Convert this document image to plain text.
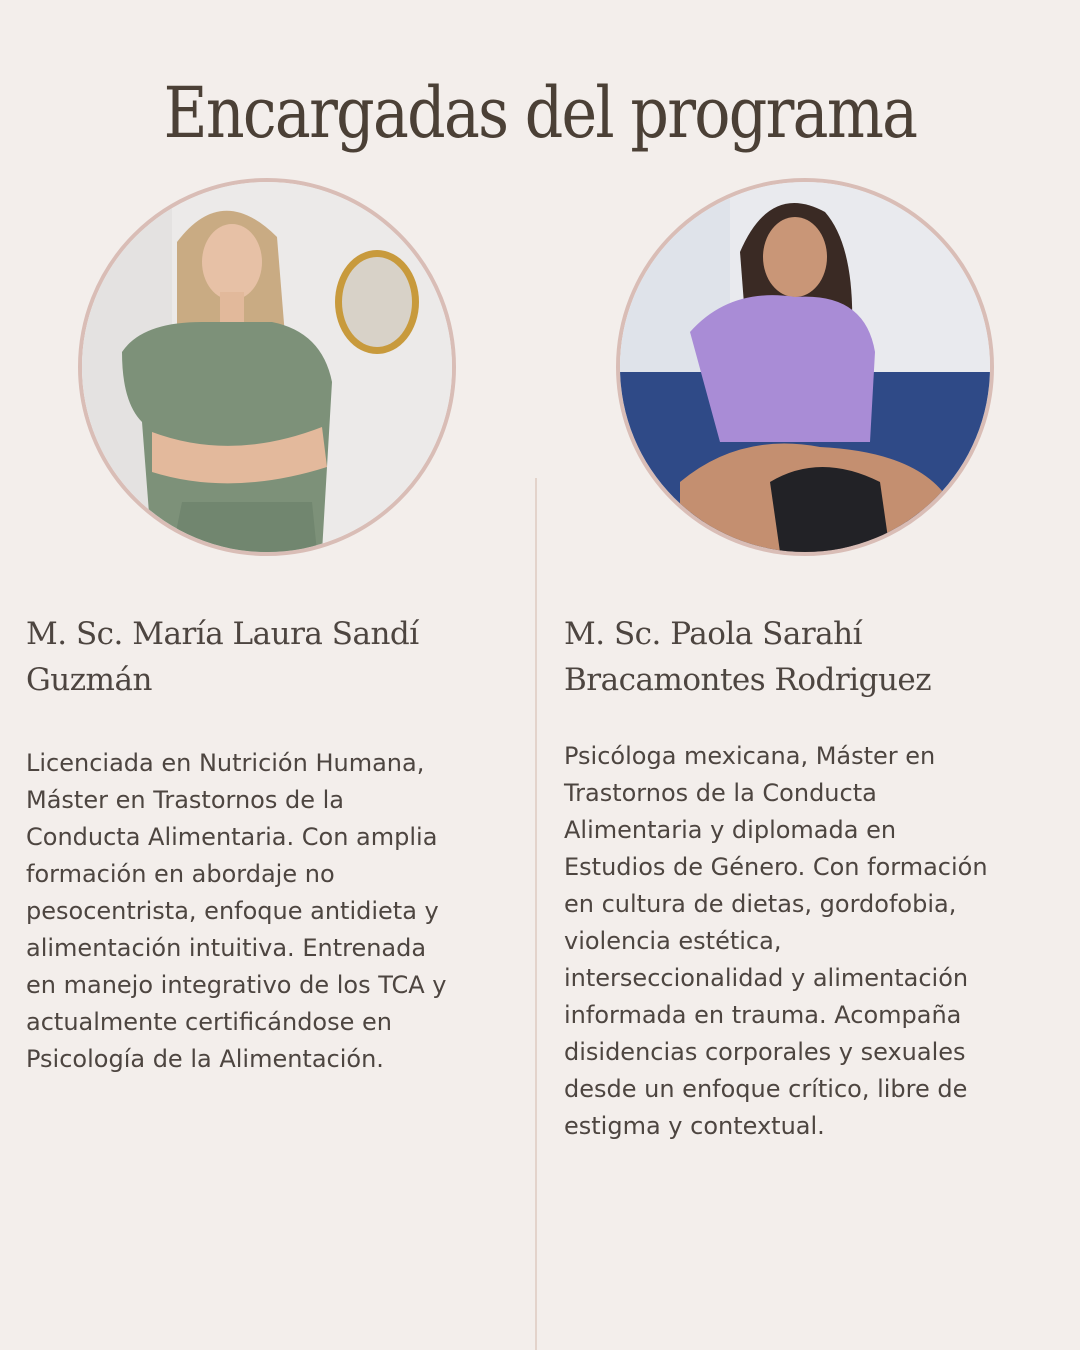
Encargadas del programa
M. Sc. María Laura Sandí
Guzmán
M. Sc. Paola Sarahí
Bracamontes Rodriguez

Licenciada en Nutrición Humana,
Máster en Trastornos de la
Conducta Alimentaria. Con amplia
formación en abordaje no
pesocentrista, enfoque antidieta y
alimentación intuitiva. Entrenada
en manejo integrativo de los TCA y
actualmente certificándose en
Psicología de la Alimentación.

Psicóloga mexicana, Máster en
Trastornos de la Conducta
Alimentaria y diplomada en
Estudios de Género. Con formación
en cultura de dietas, gordofobia,
violencia estética,
interseccionalidad y alimentación
informada en trauma. Acompaña
disidencias corporales y sexuales
desde un enfoque crítico, libre de
estigma y contextual.
